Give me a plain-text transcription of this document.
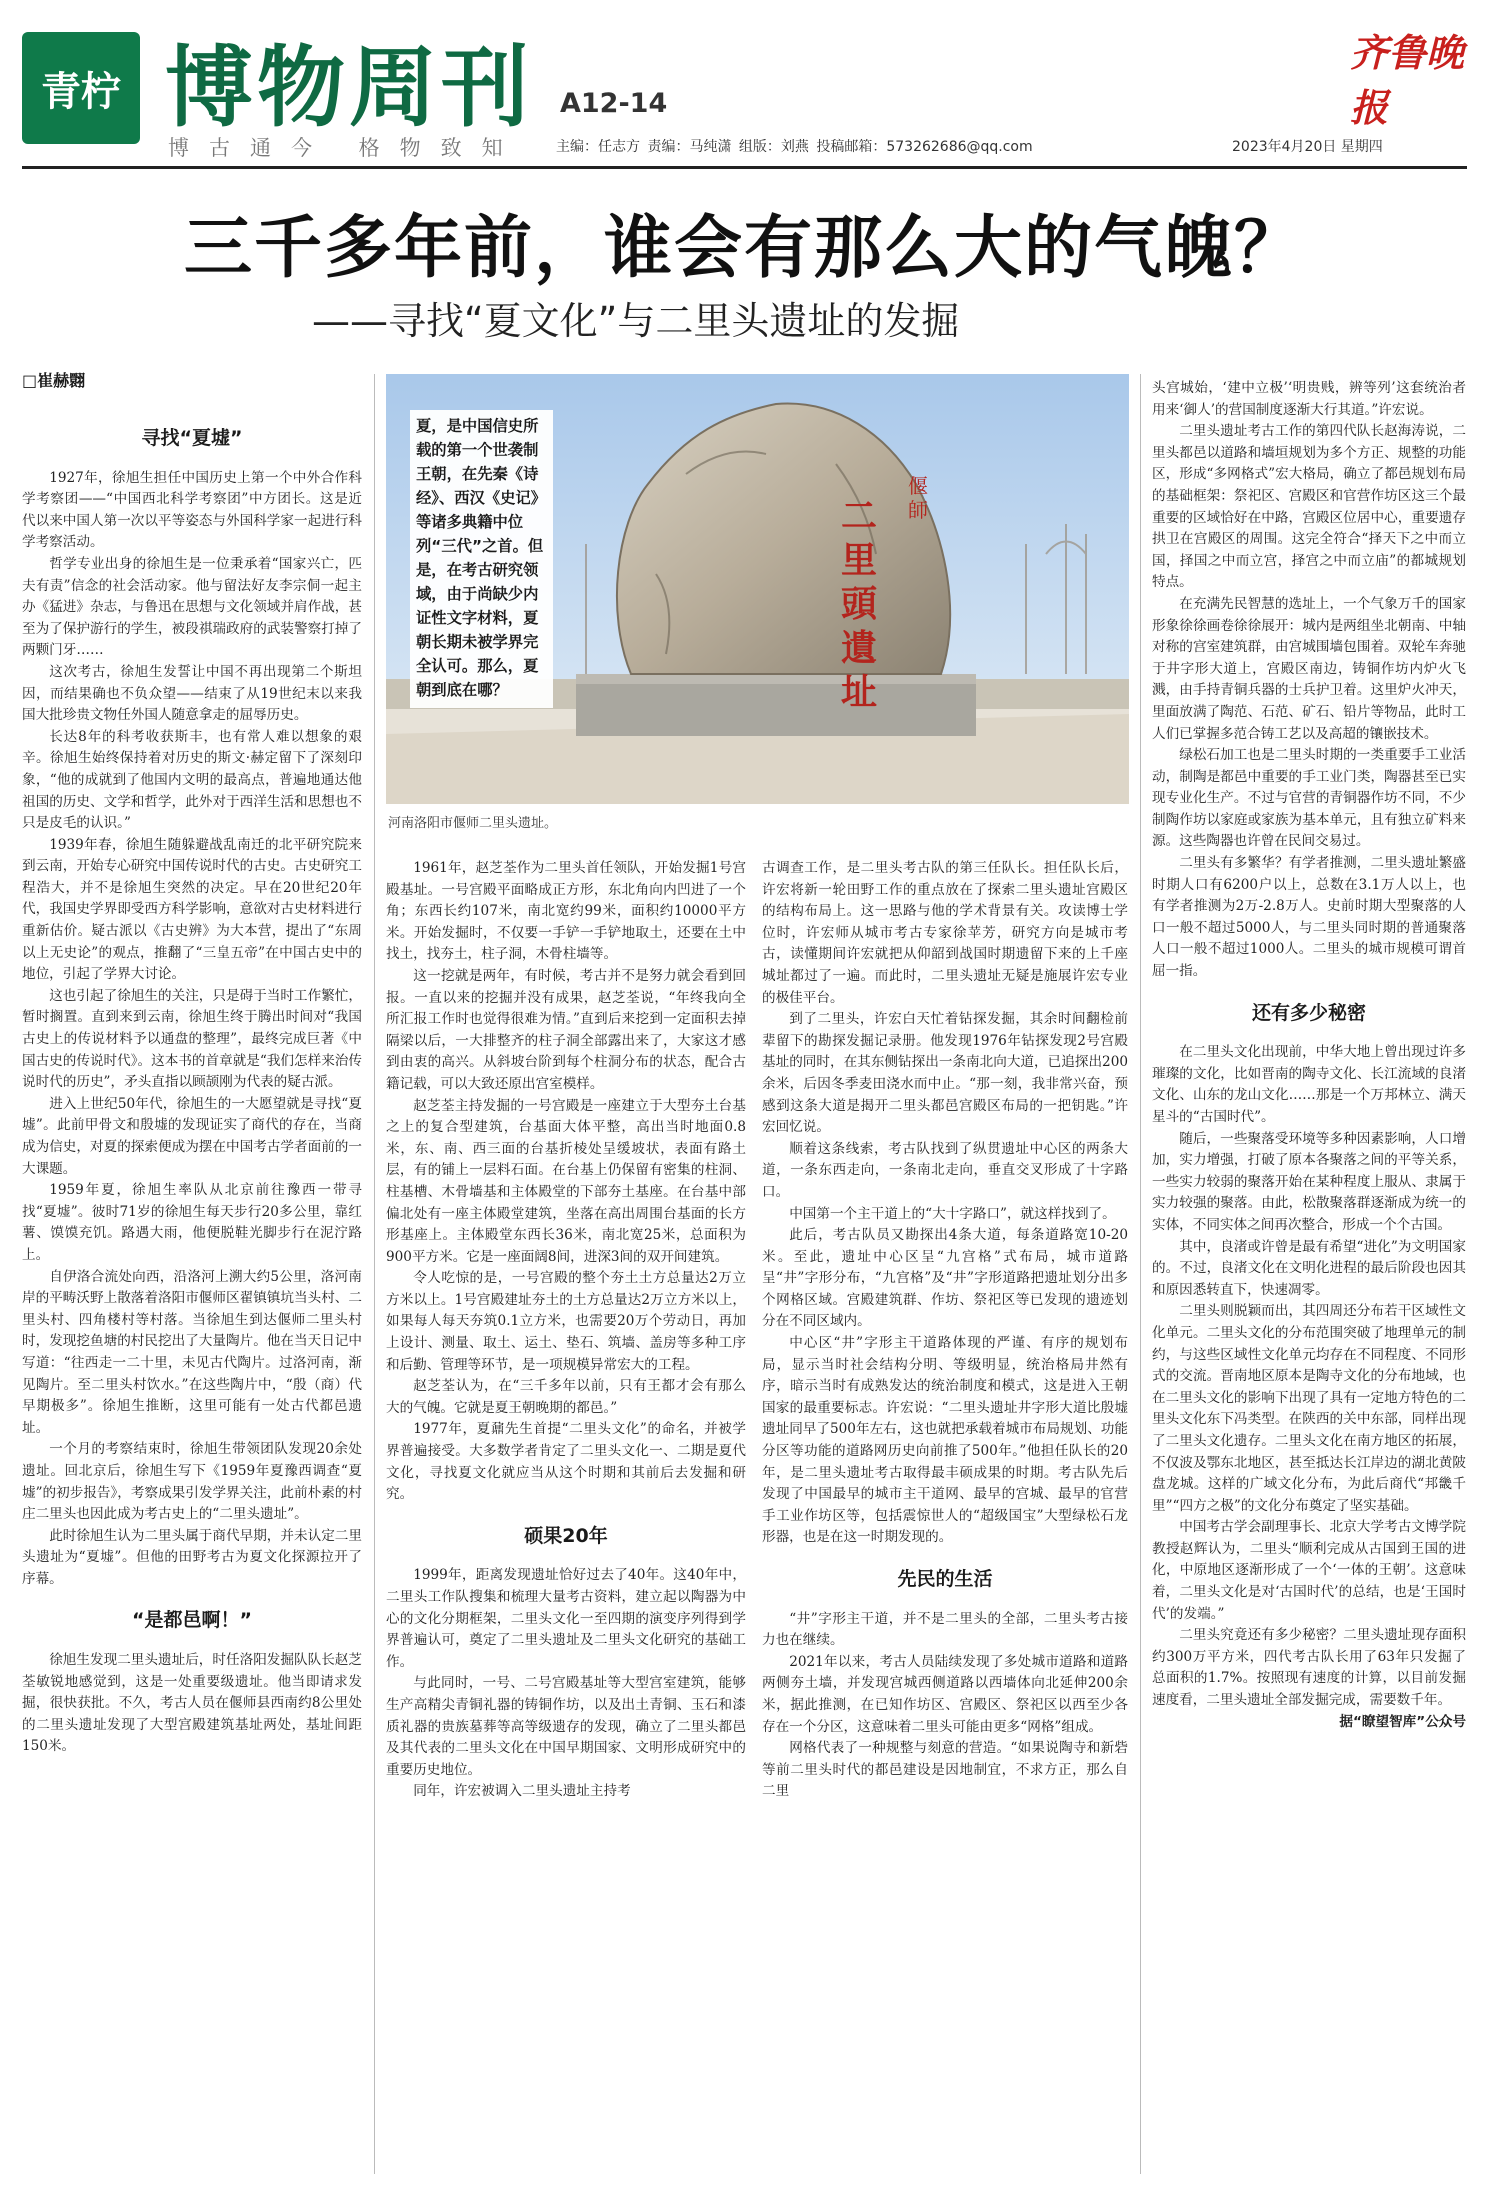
青柠 博物周刊 A12-14
齐鲁晚报
博古通今 格物致知 主编：任志方 责编：马纯潇 组版：刘燕 投稿邮箱：573262686@qq.com	2023年4月20日 星期四
三千多年前，谁会有那么大的气魄？
——寻找“夏文化”与二里头遗址的发掘
□崔赫翾
二里頭遺址
偃師
夏，是中国信史所载的第一个世袭制王朝，在先秦《诗经》、西汉《史记》等诸多典籍中位列“三代”之首。但是，在考古研究领域，由于尚缺少内证性文字材料，夏朝长期未被学界完全认可。那么，夏朝到底在哪？
河南洛阳市偃师二里头遗址。
寻找“夏墟”

1927年，徐旭生担任中国历史上第一个中外合作科学考察团——“中国西北科学考察团”中方团长。这是近代以来中国人第一次以平等姿态与外国科学家一起进行科学考察活动。

哲学专业出身的徐旭生是一位秉承着“国家兴亡，匹夫有责”信念的社会活动家。他与留法好友李宗侗一起主办《猛进》杂志，与鲁迅在思想与文化领域并肩作战，甚至为了保护游行的学生，被段祺瑞政府的武装警察打掉了两颗门牙……

这次考古，徐旭生发誓让中国不再出现第二个斯坦因，而结果确也不负众望——结束了从19世纪末以来我国大批珍贵文物任外国人随意拿走的屈辱历史。

长达8年的科考收获斯丰，也有常人难以想象的艰辛。徐旭生始终保持着对历史的斯文·赫定留下了深刻印象，“他的成就到了他国内文明的最高点，普遍地通达他祖国的历史、文学和哲学，此外对于西洋生活和思想也不只是皮毛的认识。”

1939年春，徐旭生随躲避战乱南迁的北平研究院来到云南，开始专心研究中国传说时代的古史。古史研究工程浩大，并不是徐旭生突然的决定。早在20世纪20年代，我国史学界即受西方科学影响，意欲对古史材料进行重新估价。疑古派以《古史辨》为大本营，提出了“东周以上无史论”的观点，推翻了“三皇五帝”在中国古史中的地位，引起了学界大讨论。

这也引起了徐旭生的关注，只是碍于当时工作繁忙，暂时搁置。直到来到云南，徐旭生终于腾出时间对“我国古史上的传说材料予以通盘的整理”，最终完成巨著《中国古史的传说时代》。这本书的首章就是“我们怎样来治传说时代的历史”，矛头直指以顾颉刚为代表的疑古派。

进入上世纪50年代，徐旭生的一大愿望就是寻找“夏墟”。此前甲骨文和殷墟的发现证实了商代的存在，当商成为信史，对夏的探索便成为摆在中国考古学者面前的一大课题。

1959年夏，徐旭生率队从北京前往豫西一带寻找“夏墟”。彼时71岁的徐旭生每天步行20多公里，靠红薯、馍馍充饥。路遇大雨，他便脱鞋光脚步行在泥泞路上。

自伊洛合流处向西，沿洛河上溯大约5公里，洛河南岸的平畴沃野上散落着洛阳市偃师区翟镇镇坑当头村、二里头村、四角楼村等村落。当徐旭生到达偃师二里头村时，发现挖鱼塘的村民挖出了大量陶片。他在当天日记中写道：“往西走一二十里，未见古代陶片。过洛河南，渐见陶片。至二里头村饮水。”在这些陶片中，“殷（商）代早期极多”。徐旭生推断，这里可能有一处古代都邑遗址。

一个月的考察结束时，徐旭生带领团队发现20余处遗址。回北京后，徐旭生写下《1959年夏豫西调查“夏墟”的初步报告》，考察成果引发学界关注，此前朴素的村庄二里头也因此成为考古史上的“二里头遗址”。

此时徐旭生认为二里头属于商代早期，并未认定二里头遗址为“夏墟”。但他的田野考古为夏文化探源拉开了序幕。

“是都邑啊！”

徐旭生发现二里头遗址后，时任洛阳发掘队队长赵芝荃敏锐地感觉到，这是一处重要级遗址。他当即请求发掘，很快获批。不久，考古人员在偃师县西南约8公里处的二里头遗址发现了大型宫殿建筑基址两处，基址间距150米。

1961年，赵芝荃作为二里头首任领队，开始发掘1号宫殿基址。一号宫殿平面略成正方形，东北角向内凹进了一个角；东西长约107米，南北宽约99米，面积约10000平方米。开始发掘时，不仅要一手铲一手铲地取土，还要在土中找土，找夯土，柱子洞，木骨柱墙等。

这一挖就是两年，有时候，考古并不是努力就会看到回报。一直以来的挖掘并没有成果，赵芝荃说，“年终我向全所汇报工作时也觉得很难为情。”直到后来挖到一定面积去掉隔梁以后，一大排整齐的柱子洞全部露出来了，大家这才感到由衷的高兴。从斜坡台阶到每个柱洞分布的状态，配合古籍记载，可以大致还原出宫室模样。

赵芝荃主持发掘的一号宫殿是一座建立于大型夯土台基之上的复合型建筑，台基面大体平整，高出当时地面0.8米，东、南、西三面的台基折棱处呈缓坡状，表面有路土层，有的铺上一层料石面。在台基上仍保留有密集的柱洞、柱基槽、木骨墙基和主体殿堂的下部夯土基座。在台基中部偏北处有一座主体殿堂建筑，坐落在高出周围台基面的长方形基座上。主体殿堂东西长36米，南北宽25米，总面积为900平方米。它是一座面阔8间，进深3间的双开间建筑。

令人吃惊的是，一号宫殿的整个夯土土方总量达2万立方米以上。1号宫殿建址夯土的土方总量达2万立方米以上，如果每人每天夯筑0.1立方米，也需要20万个劳动日，再加上设计、测量、取土、运土、垫石、筑墙、盖房等多种工序和后勤、管理等环节，是一项规模异常宏大的工程。

赵芝荃认为，在“三千多年以前，只有王都才会有那么大的气魄。它就是夏王朝晚期的都邑。”

1977年，夏鼐先生首提“二里头文化”的命名，并被学界普遍接受。大多数学者肯定了二里头文化一、二期是夏代文化，寻找夏文化就应当从这个时期和其前后去发掘和研究。

硕果20年

1999年，距离发现遗址恰好过去了40年。这40年中，二里头工作队搜集和梳理大量考古资料，建立起以陶器为中心的文化分期框架，二里头文化一至四期的演变序列得到学界普遍认可，奠定了二里头遗址及二里头文化研究的基础工作。

与此同时，一号、二号宫殿基址等大型宫室建筑，能够生产高精尖青铜礼器的铸铜作坊，以及出土青铜、玉石和漆质礼器的贵族墓葬等高等级遗存的发现，确立了二里头都邑及其代表的二里头文化在中国早期国家、文明形成研究中的重要历史地位。

同年，许宏被调入二里头遗址主持考

古调查工作，是二里头考古队的第三任队长。担任队长后，许宏将新一轮田野工作的重点放在了探索二里头遗址宫殿区的结构布局上。这一思路与他的学术背景有关。攻读博士学位时，许宏师从城市考古专家徐苹芳，研究方向是城市考古，读懂期间许宏就把从仰韶到战国时期遗留下来的上千座城址都过了一遍。而此时，二里头遗址无疑是施展许宏专业的极佳平台。

到了二里头，许宏白天忙着钻探发掘，其余时间翻检前辈留下的勘探发掘记录册。他发现1976年钻探发现2号宫殿基址的同时，在其东侧钻探出一条南北向大道，已追探出200余米，后因冬季麦田浇水而中止。“那一刻，我非常兴奋，预感到这条大道是揭开二里头都邑宫殿区布局的一把钥匙。”许宏回忆说。

顺着这条线索，考古队找到了纵贯遗址中心区的两条大道，一条东西走向，一条南北走向，垂直交叉形成了十字路口。

中国第一个主干道上的“大十字路口”，就这样找到了。

此后，考古队员又勘探出4条大道，每条道路宽10-20米。至此，遗址中心区呈“九宫格”式布局，城市道路呈“井”字形分布，“九宫格”及“井”字形道路把遗址划分出多个网格区域。宫殿建筑群、作坊、祭祀区等已发现的遗迹划分在不同区域内。

中心区“井”字形主干道路体现的严谨、有序的规划布局，显示当时社会结构分明、等级明显，统治格局井然有序，暗示当时有成熟发达的统治制度和模式，这是进入王朝国家的最重要标志。许宏说：“二里头遗址井字形大道比殷墟遗址同早了500年左右，这也就把承载着城市布局规划、功能分区等功能的道路网历史向前推了500年。”他担任队长的20年，是二里头遗址考古取得最丰硕成果的时期。考古队先后发现了中国最早的城市主干道网、最早的宫城、最早的官营手工业作坊区等，包括震惊世人的“超级国宝”大型绿松石龙形器，也是在这一时期发现的。

先民的生活

“井”字形主干道，并不是二里头的全部，二里头考古接力也在继续。

2021年以来，考古人员陆续发现了多处城市道路和道路两侧夯土墙，并发现宫城西侧道路以西墙体向北延伸200余米，据此推测，在已知作坊区、宫殿区、祭祀区以西至少各存在一个分区，这意味着二里头可能由更多“网格”组成。

网格代表了一种规整与刻意的营造。“如果说陶寺和新砦等前二里头时代的都邑建设是因地制宜，不求方正，那么自二里

头宫城始，‘建中立极’‘明贵贱，辨等列’这套统治者用来‘御人’的营国制度逐渐大行其道。”许宏说。

二里头遗址考古工作的第四代队长赵海涛说，二里头都邑以道路和墙垣规划为多个方正、规整的功能区，形成“多网格式”宏大格局，确立了都邑规划布局的基础框架：祭祀区、宫殿区和官营作坊区这三个最重要的区域恰好在中路，宫殿区位居中心，重要遗存拱卫在宫殿区的周围。这完全符合“择天下之中而立国，择国之中而立宫，择宫之中而立庙”的都城规划特点。

在充满先民智慧的选址上，一个气象万千的国家形象徐徐画卷徐徐展开：城内是两组坐北朝南、中轴对称的宫室建筑群，由宫城围墙包围着。双轮车奔驰于井字形大道上，宫殿区南边，铸铜作坊内炉火飞溅，由手持青铜兵器的士兵护卫着。这里炉火冲天，里面放满了陶范、石范、矿石、铅片等物品，此时工人们已掌握多范合铸工艺以及高超的镶嵌技术。

绿松石加工也是二里头时期的一类重要手工业活动，制陶是都邑中重要的手工业门类，陶器甚至已实现专业化生产。不过与官营的青铜器作坊不同，不少制陶作坊以家庭或家族为基本单元，且有独立矿料来源。这些陶器也许曾在民间交易过。

二里头有多繁华？有学者推测，二里头遗址繁盛时期人口有6200户以上，总数在3.1万人以上，也有学者推测为2万-2.8万人。史前时期大型聚落的人口一般不超过5000人，与二里头同时期的普通聚落人口一般不超过1000人。二里头的城市规模可谓首屈一指。

还有多少秘密

在二里头文化出现前，中华大地上曾出现过许多璀璨的文化，比如晋南的陶寺文化、长江流域的良渚文化、山东的龙山文化……那是一个万邦林立、满天星斗的“古国时代”。

随后，一些聚落受环境等多种因素影响，人口增加，实力增强，打破了原本各聚落之间的平等关系，一些实力较弱的聚落开始在某种程度上服从、隶属于实力较强的聚落。由此，松散聚落群逐渐成为统一的实体，不同实体之间再次整合，形成一个个古国。

其中，良渚或许曾是最有希望“进化”为文明国家的。不过，良渚文化在文明化进程的最后阶段也因其和原因悉转直下，快速凋零。

二里头则脱颖而出，其四周还分布若干区域性文化单元。二里头文化的分布范围突破了地理单元的制约，与这些区域性文化单元均存在不同程度、不同形式的交流。晋南地区原本是陶寺文化的分布地域，也在二里头文化的影响下出现了具有一定地方特色的二里头文化东下冯类型。在陕西的关中东部，同样出现了二里头文化遗存。二里头文化在南方地区的拓展，不仅波及鄂东北地区，甚至抵达长江岸边的湖北黄陂盘龙城。这样的广域文化分布，为此后商代“邦畿千里”“四方之极”的文化分布奠定了坚实基础。

中国考古学会副理事长、北京大学考古文博学院教授赵辉认为，二里头“顺利完成从古国到王国的进化，中原地区逐渐形成了一个‘一体的王朝’。这意味着，二里头文化是对‘古国时代’的总结，也是‘王国时代’的发端。”

二里头究竟还有多少秘密？二里头遗址现存面积约300万平方米，四代考古队长用了63年只发掘了总面积的1.7%。按照现有速度的计算，以目前发掘速度看，二里头遗址全部发掘完成，需要数千年。

据“瞭望智库”公众号
